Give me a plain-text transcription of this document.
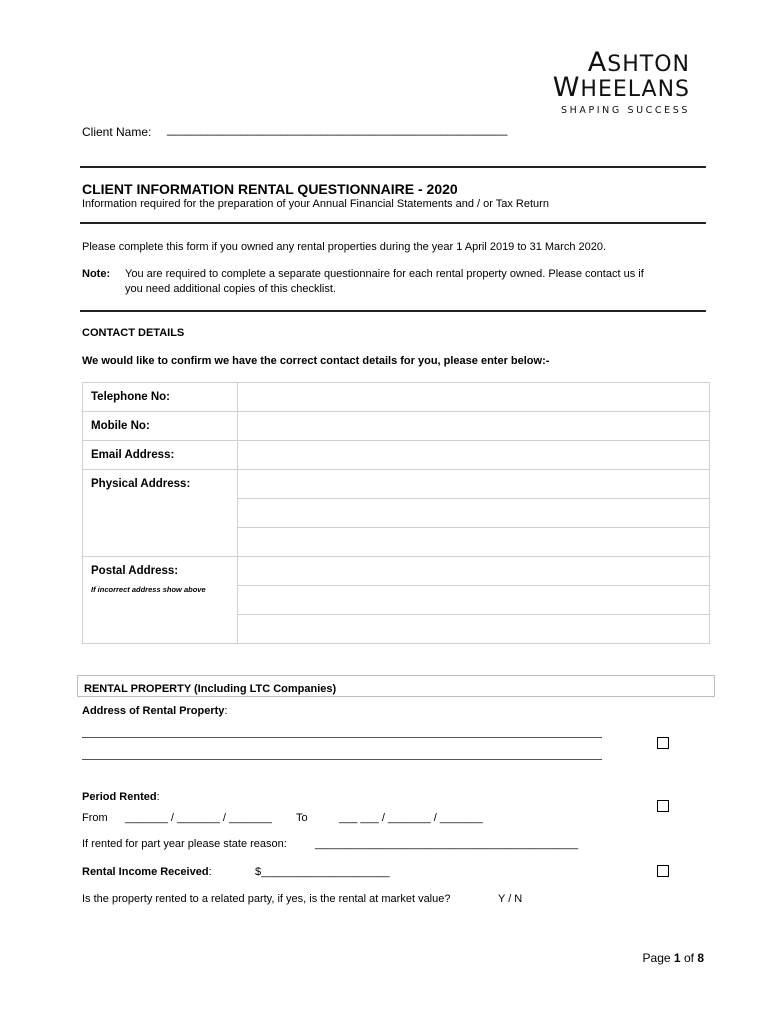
ASHTON
WHEELANS
SHAPING SUCCESS
Client Name: ___________________________________________________
CLIENT INFORMATION RENTAL QUESTIONNAIRE - 2020
Information required for the preparation of your Annual Financial Statements and / or Tax Return
Please complete this form if you owned any rental properties during the year 1 April 2019 to 31 March 2020.
Note: You are required to complete a separate questionnaire for each rental property owned. Please contact us if
you need additional copies of this checklist.
CONTACT DETAILS
We would like to confirm we have the correct contact details for you, please enter below:-
Telephone No:	
Mobile No:	
Email Address:	
Physical Address:	

Postal Address:
If incorrect address show above	

RENTAL PROPERTY (Including LTC Companies)
Address of Rental Property:
Period Rented:
From _______ / _______ / _______ To	___ ___ / _______ / _______
If rented for part year please state reason:	___________________________________________
Rental Income Received:	$_____________________
Is the property rented to a related party, if yes, is the rental at market value?	Y / N
Page 1 of 8
